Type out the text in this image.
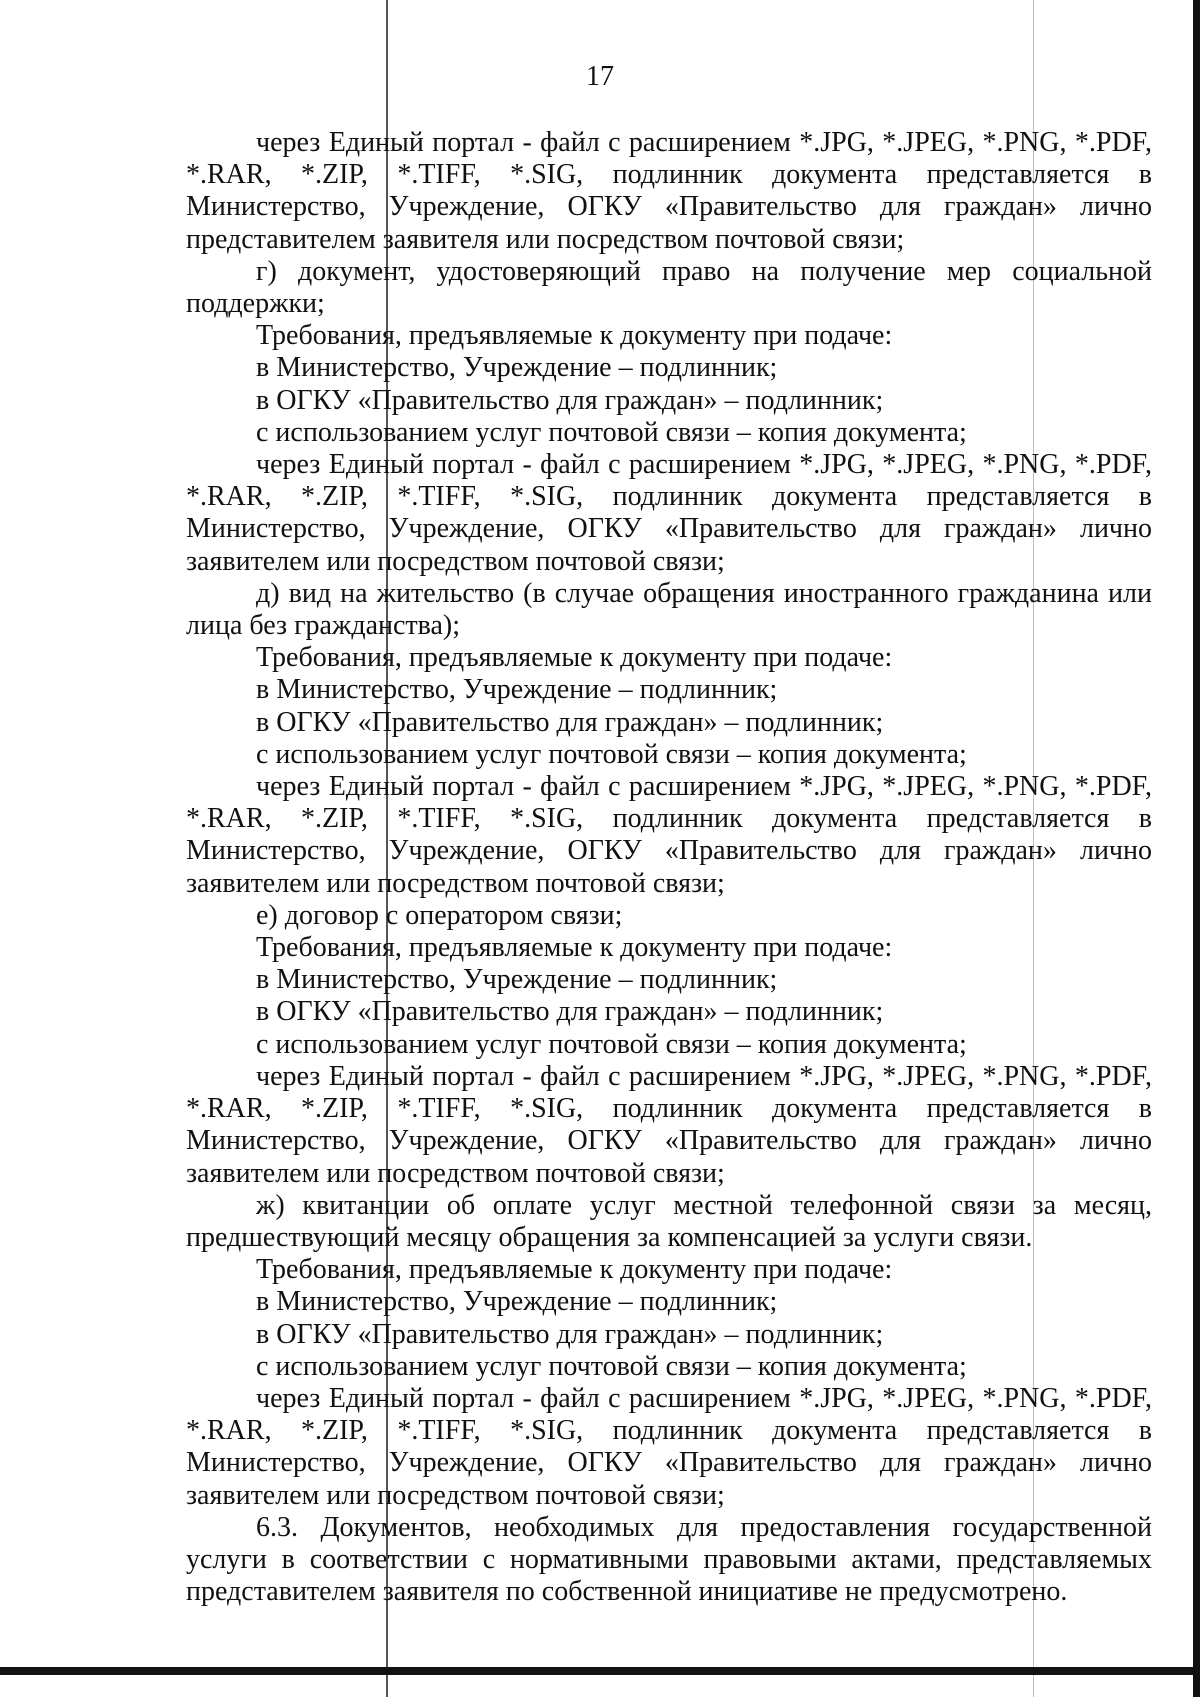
17

через Единый портал - файл с расширением *.JPG, *.JPEG, *.PNG, *.PDF, *.RAR, *.ZIP, *.TIFF, *.SIG, подлинник документа представляется в Министерство, Учреждение, ОГКУ «Правительство для граждан» лично представителем заявителя или посредством почтовой связи;

г) документ, удостоверяющий право на получение мер социальной поддержки;

Требования, предъявляемые к документу при подаче:

в Министерство, Учреждение – подлинник;

в ОГКУ «Правительство для граждан» – подлинник;

с использованием услуг почтовой связи – копия документа;

через Единый портал - файл с расширением *.JPG, *.JPEG, *.PNG, *.PDF, *.RAR, *.ZIP, *.TIFF, *.SIG, подлинник документа представляется в Министерство, Учреждение, ОГКУ «Правительство для граждан» лично заявителем или посредством почтовой связи;

д) вид на жительство (в случае обращения иностранного гражданина или лица без гражданства);

Требования, предъявляемые к документу при подаче:

в Министерство, Учреждение – подлинник;

в ОГКУ «Правительство для граждан» – подлинник;

с использованием услуг почтовой связи – копия документа;

через Единый портал - файл с расширением *.JPG, *.JPEG, *.PNG, *.PDF, *.RAR, *.ZIP, *.TIFF, *.SIG, подлинник документа представляется в Министерство, Учреждение, ОГКУ «Правительство для граждан» лично заявителем или посредством почтовой связи;

е) договор с оператором связи;

Требования, предъявляемые к документу при подаче:

в Министерство, Учреждение – подлинник;

в ОГКУ «Правительство для граждан» – подлинник;

с использованием услуг почтовой связи – копия документа;

через Единый портал - файл с расширением *.JPG, *.JPEG, *.PNG, *.PDF, *.RAR, *.ZIP, *.TIFF, *.SIG, подлинник документа представляется в Министерство, Учреждение, ОГКУ «Правительство для граждан» лично заявителем или посредством почтовой связи;

ж) квитанции об оплате услуг местной телефонной связи за месяц, предшествующий месяцу обращения за компенсацией за услуги связи.

Требования, предъявляемые к документу при подаче:

в Министерство, Учреждение – подлинник;

в ОГКУ «Правительство для граждан» – подлинник;

с использованием услуг почтовой связи – копия документа;

через Единый портал - файл с расширением *.JPG, *.JPEG, *.PNG, *.PDF, *.RAR, *.ZIP, *.TIFF, *.SIG, подлинник документа представляется в Министерство, Учреждение, ОГКУ «Правительство для граждан» лично заявителем или посредством почтовой связи;

6.3. Документов, необходимых для предоставления государственной услуги в соответствии с нормативными правовыми актами, представляемых представителем заявителя по собственной инициативе не предусмотрено.
